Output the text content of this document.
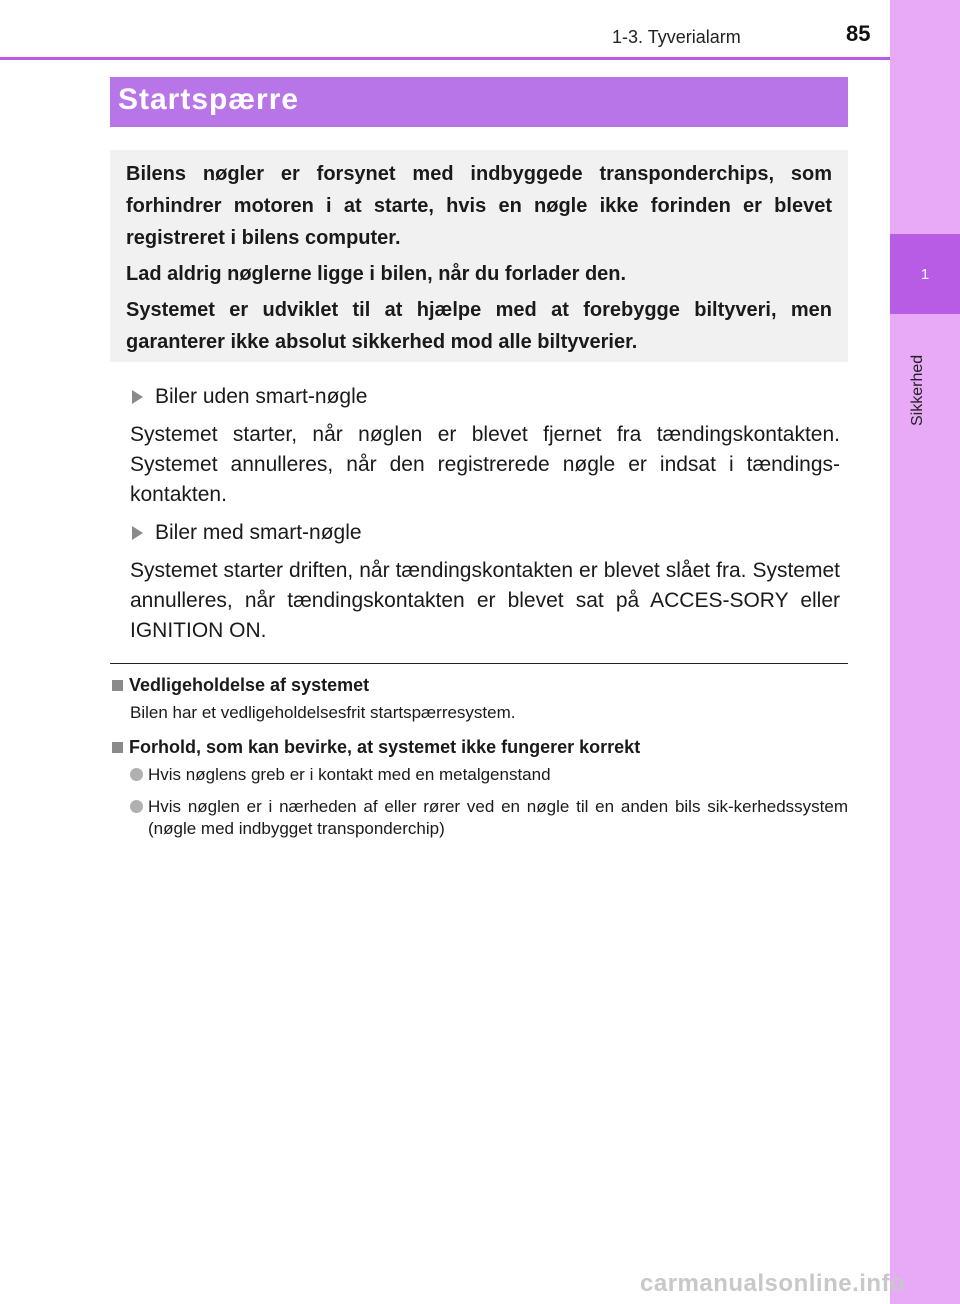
1
Sikkerhed
1-3. Tyverialarm	85
Startspærre

Bilens nøgler er forsynet med indbyggede transponderchips, som forhindrer motoren i at starte, hvis en nøgle ikke forinden er blevet registreret i bilens computer.

Lad aldrig nøglerne ligge i bilen, når du forlader den.

Systemet er udviklet til at hjælpe med at forebygge biltyveri, men garanterer ikke absolut sikkerhed mod alle biltyverier.

Biler uden smart-nøgle

Systemet starter, når nøglen er blevet fjernet fra tændingskontakten. Systemet annulleres, når den registrerede nøgle er indsat i tændings-kontakten.

Biler med smart-nøgle

Systemet starter driften, når tændingskontakten er blevet slået fra. Systemet annulleres, når tændingskontakten er blevet sat på ACCES-SORY eller IGNITION ON.

Vedligeholdelse af systemet
Bilen har et vedligeholdelsesfrit startspærresystem.
Forhold, som kan bevirke, at systemet ikke fungerer korrekt
Hvis nøglens greb er i kontakt med en metalgenstand
Hvis nøglen er i nærheden af eller rører ved en nøgle til en anden bils sik-kerhedssystem (nøgle med indbygget transponderchip)
carmanualsonline.info
